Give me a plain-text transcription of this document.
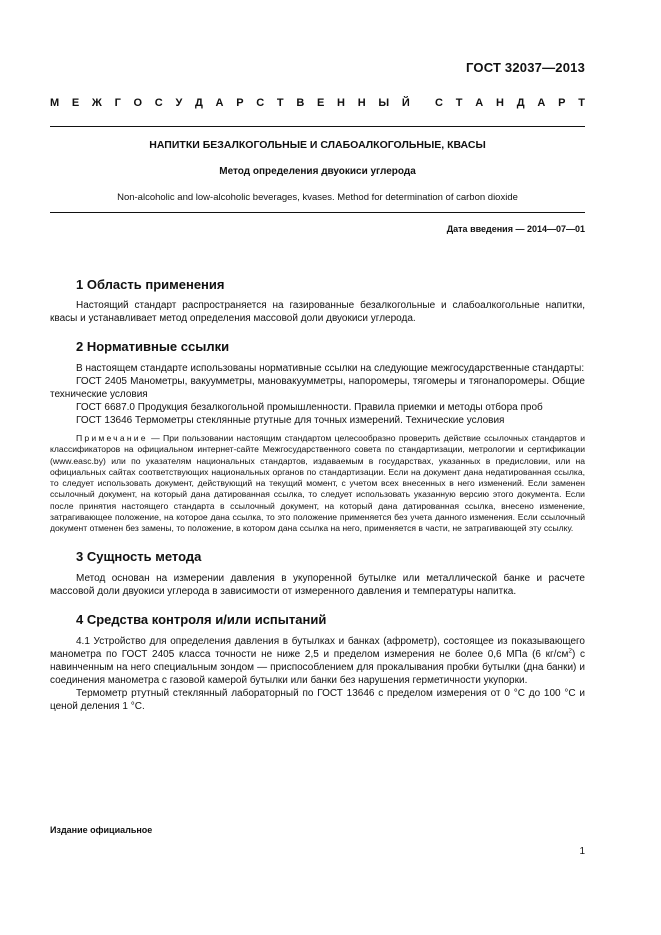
ГОСТ 32037—2013
М Е Ж Г О С У Д А Р С Т В Е Н Н Ы Й С Т А Н Д А Р Т
НАПИТКИ БЕЗАЛКОГОЛЬНЫЕ И СЛАБОАЛКОГОЛЬНЫЕ, КВАСЫ
Метод определения двуокиси углерода
Non-alcoholic and low-alcoholic beverages, kvases. Method for determination of carbon dioxide
Дата введения — 2014—07—01
1 Область применения

Настоящий стандарт распространяется на газированные безалкогольные и слабоалкогольные напитки, квасы и устанавливает метод определения массовой доли двуокиси углерода.

2 Нормативные ссылки

В настоящем стандарте использованы нормативные ссылки на следующие межгосударственные стандарты:

ГОСТ 2405 Манометры, вакуумметры, мановакуумметры, напоромеры, тягомеры и тягонапоромеры. Общие технические условия

ГОСТ 6687.0 Продукция безалкогольной промышленности. Правила приемки и методы отбора проб

ГОСТ 13646 Термометры стеклянные ртутные для точных измерений. Технические условия

Примечание — При пользовании настоящим стандартом целесообразно проверить действие ссылочных стандартов и классификаторов на официальном интернет-сайте Межгосударственного совета по стандартизации, метрологии и сертификации (www.easc.by) или по указателям национальных стандартов, издаваемым в государствах, указанных в предисловии, или на официальных сайтах соответствующих национальных органов по стандартизации. Если на документ дана недатированная ссылка, то следует использовать документ, действующий на текущий момент, с учетом всех внесенных в него изменений. Если заменен ссылочный документ, на который дана датированная ссылка, то следует использовать указанную версию этого документа. Если после принятия настоящего стандарта в ссылочный документ, на который дана датированная ссылка, внесено изменение, затрагивающее положение, на которое дана ссылка, то это положение применяется без учета данного изменения. Если ссылочный документ отменен без замены, то положение, в котором дана ссылка на него, применяется в части, не затрагивающей эту ссылку.

3 Сущность метода

Метод основан на измерении давления в укупоренной бутылке или металлической банке и расчете массовой доли двуокиси углерода в зависимости от измеренного давления и температуры напитка.

4 Средства контроля и/или испытаний

4.1 Устройство для определения давления в бутылках и банках (афрометр), состоящее из показывающего манометра по ГОСТ 2405 класса точности не ниже 2,5 и пределом измерения не более 0,6 МПа (6 $кг/см^2$) с навинченным на него специальным зондом — приспособлением для прокалывания пробки бутылки (дна банки) и соединения манометра с газовой камерой бутылки или банки без нарушения герметичности укупорки.

Термометр ртутный стеклянный лабораторный по ГОСТ 13646 с пределом измерения от 0 °С до 100 °С и ценой деления 1 °С.

Издание официальное
1
